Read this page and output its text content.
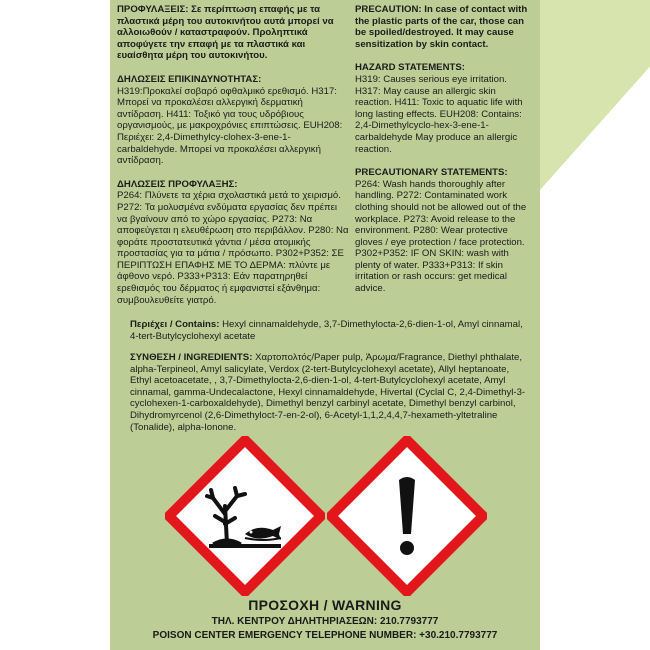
ΠΡΟΦΥΛΑΞΕΙΣ: Σε περίπτωση επαφής με τα πλαστικά μέρη του αυτοκινήτου αυτά μπορεί να αλλοιωθούν / καταστραφούν. Προληπτικά αποφύγετε την επαφή με τα πλαστικά και ευαίσθητα μέρη του αυτοκινήτου.

ΔΗΛΩΣΕΙΣ ΕΠΙΚΙΝΔΥΝΟΤΗΤΑΣ:
H319:Προκαλεί σοβαρό οφθαλμικό ερεθισμό. H317: Μπορεί να προκαλέσει αλλεργική δερματική αντίδραση. H411: Τοξικό για τους υδρόβιους οργανισμούς, με μακροχρόνιες επιπτώσεις. EUH208: Περιέχει: 2,4-Dimethylcy-clohex-3-ene-1-carbaldehyde. Μπορεί να προκαλέσει αλλεργική αντίδραση.

ΔΗΛΩΣΕΙΣ ΠΡΟΦΥΛΑΞΗΣ:
P264: Πλύνετε τα χέρια σχολαστικά μετά το χειρισμό. P272: Τα μολυσμένα ενδύματα εργασίας δεν πρέπει να βγαίνουν από το χώρο εργασίας. P273: Να αποφεύγεται η ελευθέρωση στο περιβάλλον. P280: Να φοράτε προστατευτικά γάντια / μέσα ατομικής προστασίας για τα μάτια / πρόσωπο. P302+P352: ΣΕ ΠΕΡΙΠΤΩΣΗ ΕΠΑΦΗΣ ΜΕ ΤΟ ΔΕΡΜΑ: πλύντε με άφθονο νερό. P333+P313: Εάν παρατηρηθεί ερεθισμός του δέρματος ή εμφανιστεί εξάνθημα: συμβουλευθείτε γιατρό.

PRECAUTION: In case of contact with the plastic parts of the car, those can be spoiled/destroyed. It may cause sensitization by skin contact.

HAZARD STATEMENTS:
H319: Causes serious eye irritation. H317: May cause an allergic skin reaction. H411: Toxic to aquatic life with long lasting effects. EUH208: Contains: 2,4-Dimethylcyclo-hex-3-ene-1-carbaldehyde May produce an allergic reaction.

PRECAUTIONARY STATEMENTS:
P264: Wash hands thoroughly after handling. P272: Contaminated work clothing should not be allowed out of the workplace. P273: Avoid release to the environment. P280: Wear protective gloves / eye protection / face protection. P302+P352: IF ON SKIN: wash with plenty of water. P333+P313: If skin irritation or rash occurs: get medical advice.

Περιέχει / Contains: Hexyl cinnamaldehyde, 3,7-Dimethylocta-2,6-dien-1-ol, Amyl cinnamal, 4-tert-Butylcyclohexyl acetate
ΣΥΝΘΕΣΗ / INGREDIENTS: Χαρτοπολτός/Paper pulp, Άρωμα/Fragrance, Diethyl phthalate, alpha-Terpineol, Amyl salicylate, Verdox (2-tert-Butylcyclohexyl acetate), Allyl heptanoate, Ethyl acetoacetate, , 3,7-Dimethylocta-2,6-dien-1-ol, 4-tert-Butylcyclohexyl acetate, Amyl cinnamal, gamma-Undecalactone, Hexyl cinnamaldehyde, Hivertal (Cyclal C, 2,4-Dimethyl-3-cyclohexen-1-carboxaldehyde), Dimethyl benzyl carbinyl acetate, Dimethyl benzyl carbinol, Dihydromyrcenol (2,6-Dimethyloct-7-en-2-ol), 6-Acetyl-1,1,2,4,4,7-hexameth-yltetraline (Tonalide), alpha-Ionone.
ΠΡΟΣΟΧΗ / WARNING
ΤΗΛ. ΚΕΝΤΡΟΥ ΔΗΛΗΤΗΡΙΑΣΕΩΝ: 210.7793777
POISON CENTER EMERGENCY TELEPHONE NUMBER: +30.210.7793777
